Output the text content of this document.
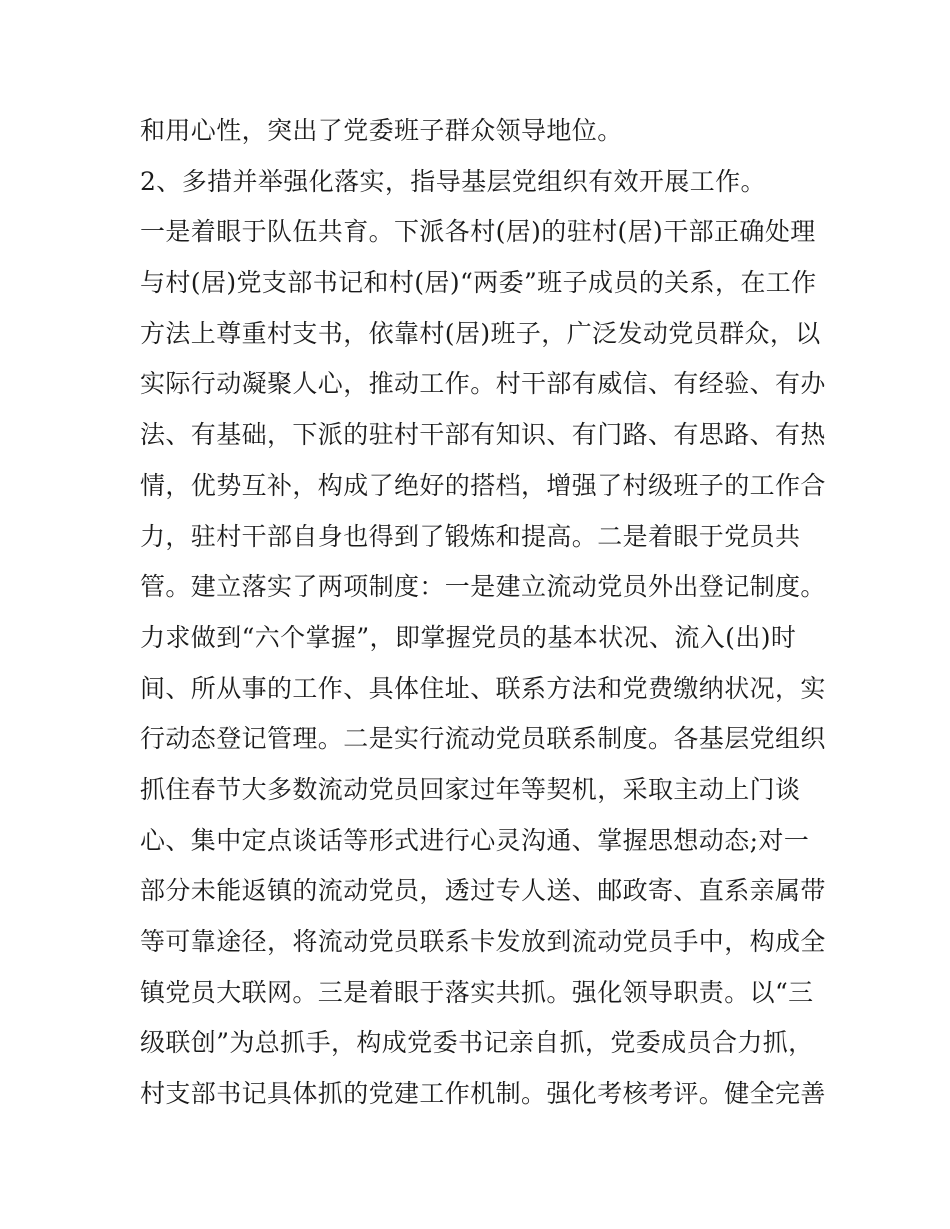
和用心性，突出了党委班子群众领导地位。
2、多措并举强化落实，指导基层党组织有效开展工作。
一是着眼于队伍共育。下派各村(居)的驻村(居)干部正确处理
与村(居)党支部书记和村(居)“两委”班子成员的关系，在工作
方法上尊重村支书，依靠村(居)班子，广泛发动党员群众，以
实际行动凝聚人心，推动工作。村干部有威信、有经验、有办
法、有基础，下派的驻村干部有知识、有门路、有思路、有热
情，优势互补，构成了绝好的搭档，增强了村级班子的工作合
力，驻村干部自身也得到了锻炼和提高。二是着眼于党员共
管。建立落实了两项制度：一是建立流动党员外出登记制度。
力求做到“六个掌握”，即掌握党员的基本状况、流入(出)时
间、所从事的工作、具体住址、联系方法和党费缴纳状况，实
行动态登记管理。二是实行流动党员联系制度。各基层党组织
抓住春节大多数流动党员回家过年等契机，采取主动上门谈
心、集中定点谈话等形式进行心灵沟通、掌握思想动态;对一
部分未能返镇的流动党员，透过专人送、邮政寄、直系亲属带
等可靠途径，将流动党员联系卡发放到流动党员手中，构成全
镇党员大联网。三是着眼于落实共抓。强化领导职责。以“三
级联创”为总抓手，构成党委书记亲自抓，党委成员合力抓，
村支部书记具体抓的党建工作机制。强化考核考评。健全完善
